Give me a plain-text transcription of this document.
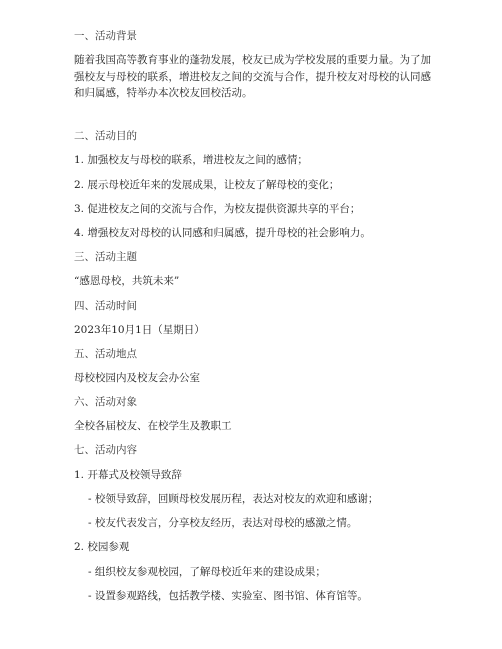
一、活动背景
随着我国高等教育事业的蓬勃发展，校友已成为学校发展的重要力量。为了加强校友与母校的联系，增进校友之间的交流与合作，提升校友对母校的认同感和归属感，特举办本次校友回校活动。
二、活动目的
1. 加强校友与母校的联系，增进校友之间的感情；
2. 展示母校近年来的发展成果，让校友了解母校的变化；
3. 促进校友之间的交流与合作，为校友提供资源共享的平台；
4. 增强校友对母校的认同感和归属感，提升母校的社会影响力。
三、活动主题
“感恩母校，共筑未来”
四、活动时间
2023年10月1日（星期日）
五、活动地点
母校校园内及校友会办公室
六、活动对象
全校各届校友、在校学生及教职工
七、活动内容
1. 开幕式及校领导致辞
- 校领导致辞，回顾母校发展历程，表达对校友的欢迎和感谢；
- 校友代表发言，分享校友经历，表达对母校的感激之情。
2. 校园参观
- 组织校友参观校园，了解母校近年来的建设成果；
- 设置参观路线，包括教学楼、实验室、图书馆、体育馆等。
